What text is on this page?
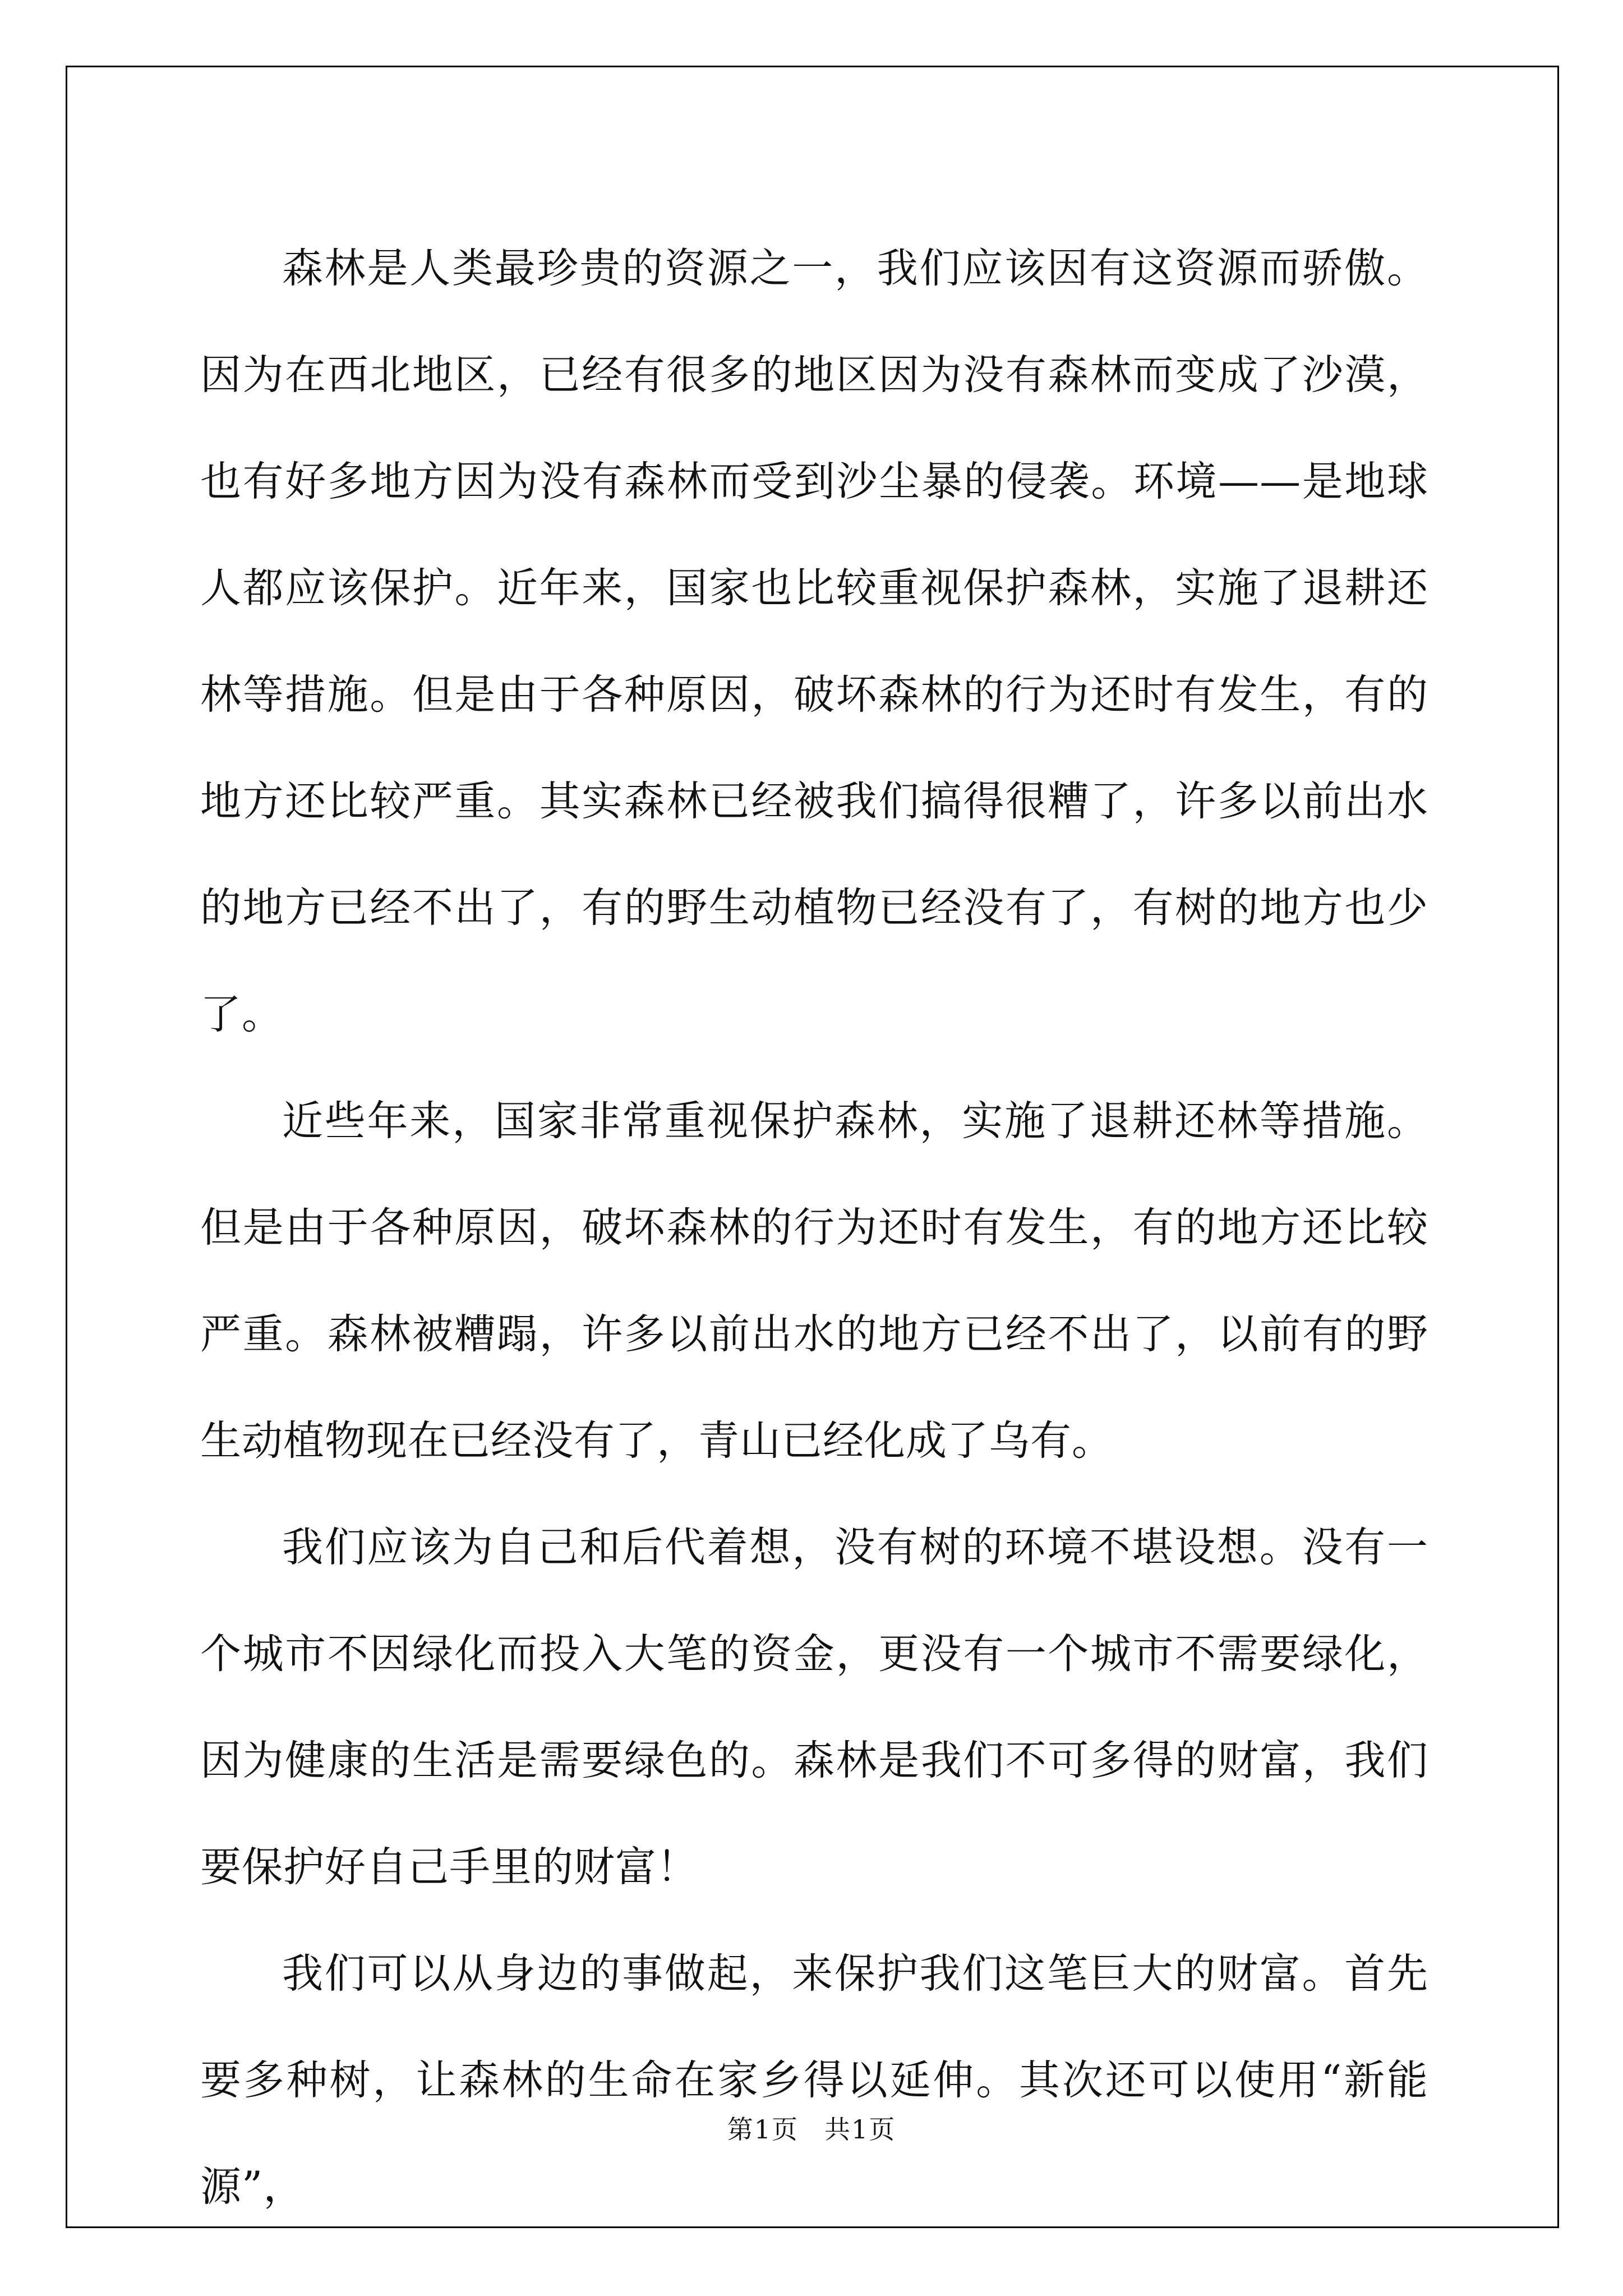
森林是人类最珍贵的资源之一，我们应该因有这资源而骄傲。因为在西北地区，已经有很多的地区因为没有森林而变成了沙漠，也有好多地方因为没有森林而受到沙尘暴的侵袭。环境——是地球人都应该保护。近年来，国家也比较重视保护森林，实施了退耕还林等措施。但是由于各种原因，破坏森林的行为还时有发生，有的地方还比较严重。其实森林已经被我们搞得很糟了，许多以前出水的地方已经不出了，有的野生动植物已经没有了，有树的地方也少了。

近些年来，国家非常重视保护森林，实施了退耕还林等措施。但是由于各种原因，破坏森林的行为还时有发生，有的地方还比较严重。森林被糟蹋，许多以前出水的地方已经不出了，以前有的野生动植物现在已经没有了，青山已经化成了乌有。

我们应该为自己和后代着想，没有树的环境不堪设想。没有一个城市不因绿化而投入大笔的资金，更没有一个城市不需要绿化，因为健康的生活是需要绿色的。森林是我们不可多得的财富，我们要保护好自己手里的财富！

我们可以从身边的事做起，来保护我们这笔巨大的财富。首先要多种树，让森林的生命在家乡得以延伸。其次还可以使用“新能源”，

第1页 共1页
